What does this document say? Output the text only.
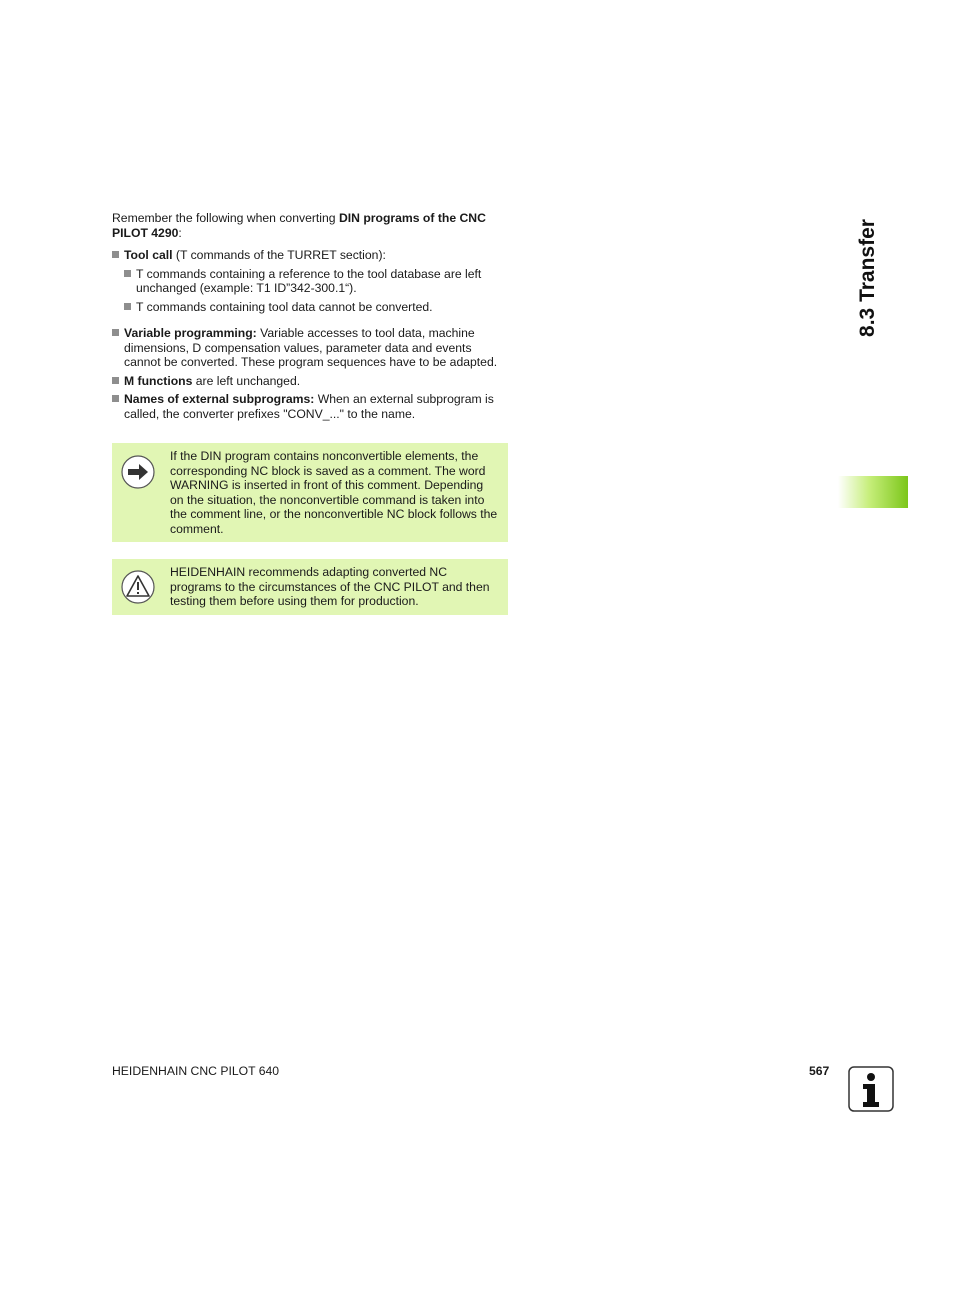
Remember the following when converting DIN programs of the CNC PILOT 4290:

Tool call (T commands of the TURRET section):
T commands containing a reference to the tool database are left unchanged (example: T1 ID”342-300.1“).
T commands containing tool data cannot be converted.
Variable programming: Variable accesses to tool data, machine dimensions, D compensation values, parameter data and events cannot be converted. These program sequences have to be adapted.
M functions are left unchanged.
Names of external subprograms: When an external subprogram is called, the converter prefixes "CONV_..." to the name.
If the DIN program contains nonconvertible elements, the corresponding NC block is saved as a comment. The word WARNING is inserted in front of this comment. Depending on the situation, the nonconvertible command is taken into the comment line, or the nonconvertible NC block follows the comment.
HEIDENHAIN recommends adapting converted NC programs to the circumstances of the CNC PILOT and then testing them before using them for production.
8.3 Transfer
HEIDENHAIN CNC PILOT 640	567
